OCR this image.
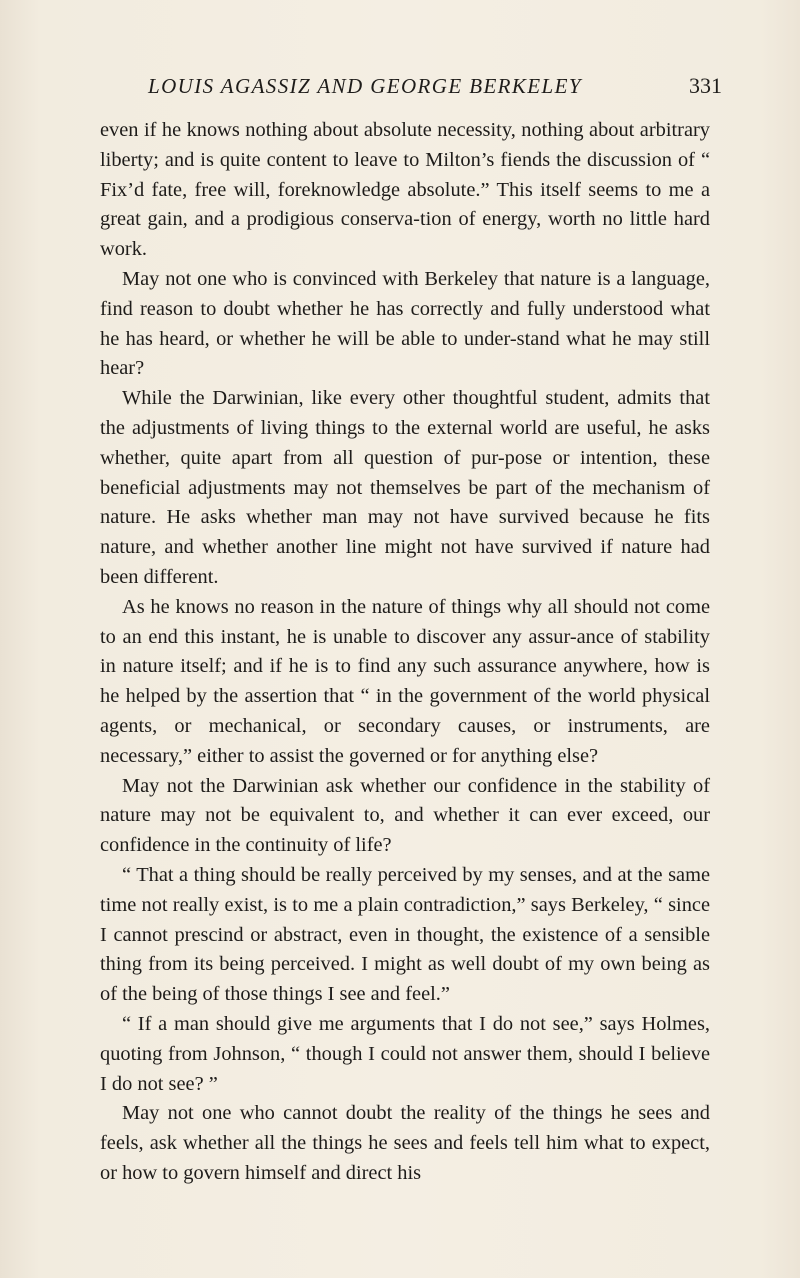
LOUIS AGASSIZ AND GEORGE BERKELEY	331

even if he knows nothing about absolute necessity, nothing about arbitrary liberty; and is quite content to leave to Milton’s fiends the discussion of “ Fix’d fate, free will, foreknowledge absolute.” This itself seems to me a great gain, and a prodigious conserva-tion of energy, worth no little hard work.

May not one who is convinced with Berkeley that nature is a language, find reason to doubt whether he has correctly and fully understood what he has heard, or whether he will be able to under-stand what he may still hear?

While the Darwinian, like every other thoughtful student, admits that the adjustments of living things to the external world are useful, he asks whether, quite apart from all question of pur-pose or intention, these beneficial adjustments may not themselves be part of the mechanism of nature. He asks whether man may not have survived because he fits nature, and whether another line might not have survived if nature had been different.

As he knows no reason in the nature of things why all should not come to an end this instant, he is unable to discover any assur-ance of stability in nature itself; and if he is to find any such assurance anywhere, how is he helped by the assertion that “ in the government of the world physical agents, or mechanical, or secondary causes, or instruments, are necessary,” either to assist the governed or for anything else?

May not the Darwinian ask whether our confidence in the stability of nature may not be equivalent to, and whether it can ever exceed, our confidence in the continuity of life?

“ That a thing should be really perceived by my senses, and at the same time not really exist, is to me a plain contradiction,” says Berkeley, “ since I cannot prescind or abstract, even in thought, the existence of a sensible thing from its being perceived. I might as well doubt of my own being as of the being of those things I see and feel.”

“ If a man should give me arguments that I do not see,” says Holmes, quoting from Johnson, “ though I could not answer them, should I believe I do not see? ”

May not one who cannot doubt the reality of the things he sees and feels, ask whether all the things he sees and feels tell him what to expect, or how to govern himself and direct his
